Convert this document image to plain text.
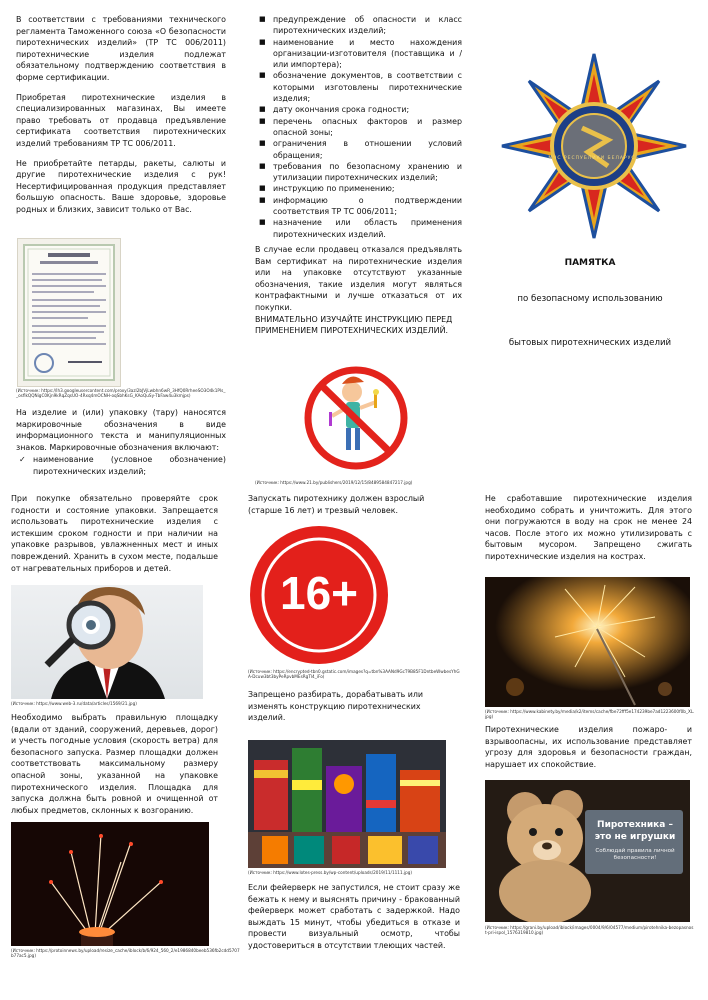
В соответствии с требованиями технического регламента Таможенного союза «О безопасности пиротехнических изделий» (ТР ТС 006/2011) пиротехнические изделия подлежат обязательному подтверждению соответствия в форме сертификации.

Приобретая пиротехнические изделия в специализированных магазинах, Вы имеете право требовать от продавца предъявление сертификата соответствия пиротехнических изделий требованиям ТР ТС 006/2011.

Не приобретайте петарды, ракеты, салюты и другие пиротехнические изделия с рук! Несертифицированная продукция представляет большую опасность. Ваше здоровье, здоровье родных и близких, зависит только от Вас.

(Источник: https://lh3.googleusercontent.com/proxy/3azl2bJVjLwbhn6wR_3HfQ0RrheeSO3O4k1PIs__osflkQQNigC0Kjn9kRqZqsUO-4Rxq4mOCNH-oqSbhKsG_KAoQuSy-TbFaw4u3kmjps)

На изделие и (или) упаковку (тару) наносятся маркировочные обозначения в виде информационного текста и манипуляционных знаков. Маркировочные обозначения включают:

✓ наименование (условное обозначение) пиротехнических изделий;
■ предупреждение об опасности и класс пиротехнических изделий;
■ наименование и место нахождения организации-изготовителя (поставщика и / или импортера);
■ обозначение документов, в соответствии с которыми изготовлены пиротехнические изделия;
■ дату окончания срока годности;
■ перечень опасных факторов и размер опасной зоны;
■ ограничения в отношении условий обращения;
■ требования по безопасному хранению и утилизации пиротехнических изделий;
■ инструкцию по применению;
■ информацию о подтверждении соответствия ТР ТС 006/2011;
■ назначение или область применения пиротехнических изделий.

В случае если продавец отказался предъявлять Вам сертификат на пиротехнические изделия или на упаковке отсутствуют указанные обозначения, такие изделия могут являться контрафактными и лучше отказаться от их покупки.

ВНИМАТЕЛЬНО ИЗУЧАЙТЕ ИНСТРУКЦИЮ ПЕРЕД ПРИМЕНЕНИЕМ ПИРОТЕХНИЧЕСКИХ ИЗДЕЛИЙ.

(Источник: https://www.21.by/publishers/2019/12/15/8489584847217.jpg)

МЧС РЕСПУБЛИКИ БЕЛАРУСЬ
ПАМЯТКА
по безопасному использованию
бытовых пиротехнических изделий

При покупке обязательно проверяйте срок годности и состояние упаковки. Запрещается использовать пиротехнические изделия с истекшим сроком годности и при наличии на упаковке разрывов, увлажненных мест и иных повреждений. Хранить в сухом месте, подальше от нагревательных приборов и детей.

(Источник: https://www.web-3.ru/data/articles/1569/21.jpg)

Необходимо выбрать правильную площадку (вдали от зданий, сооружений, деревьев, дорог) и учесть погодные условия (скорость ветра) для безопасного запуска. Размер площадки должен соответствовать максимальному размеру опасной зоны, указанной на упаковке пиротехнического изделия. Площадка для запуска должна быть ровной и очищенной от любых предметов, склонных к возгоранию.

(Источник: https://protoinnews.by/upload/resize_cache/iblock/b/6/924_560_2/e1986840beeb536fb2cdd5707b77ac5.jpg)

Запускать пиротехнику должен взрослый (старше 16 лет) и трезвый человек.

16+

(Источник: https://encrypted-tbn0.gstatic.com/images?q=tbn%3AANd9GcT9B85F1DntbeWwbesYhGA-Dcuw3bt3byPeRpvbMEsRgTl4_iFo)

Запрещено разбирать, дорабатывать или изменять конструкцию пиротехнических изделий.

(Источник: https://www.lotes-press.by/wp-content/uploads/2019/11/1111.jpg)

Если фейерверк не запустился, не стоит сразу же бежать к нему и выяснять причину - бракованный фейерверк может сработать с задержкой. Надо выждать 15 минут, чтобы убедиться в отказе и провести визуальный осмотр, чтобы удостовериться в отсутствии тлеющих частей.

Не сработавшие пиротехнические изделия необходимо собрать и уничтожить. Для этого они погружаются в воду на срок не менее 24 часов. После этого их можно утилизировать с бытовым мусором. Запрещено сжигать пиротехнические изделия на кострах.

(Источник: https://www.kabinety.by/media/k2/items/cache/fbe72fff5e174239be7ad1223600f0b_XL.jpg)

Пиротехнические изделия пожаро- и взрывоопасны, их использование представляет угрозу для здоровья и безопасности граждан, нарушает их спокойствие.

Пиротехника –
это не игрушки
Соблюдай правила личной безопасности!

(Источник: https://grani.by/upload/iblock/images/0004/9/6/04577/medium/pirotehnika-bezopasnost-pri-ispol_1576319810.jpg)
